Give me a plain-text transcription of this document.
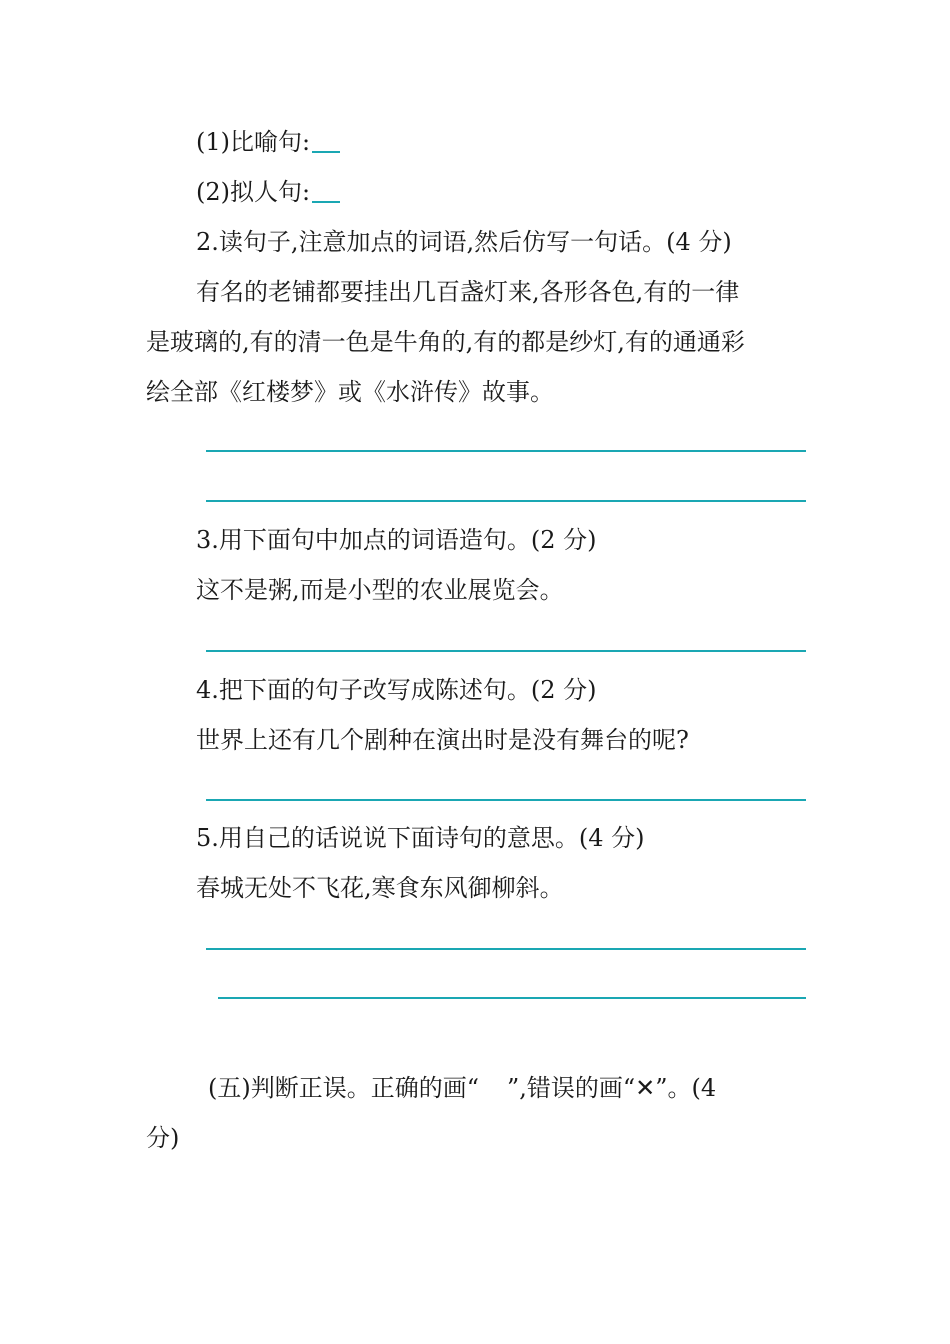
(1)比喻句:
(2)拟人句:
2.读句子,注意加点的词语,然后仿写一句话。(4 分)
有名的老铺都要挂出几百盏灯来,各形各色,有的一律
是玻璃的,有的清一色是牛角的,有的都是纱灯,有的通通彩
绘全部《红楼梦》或《水浒传》故事。
3.用下面句中加点的词语造句。(2 分)
这不是粥,而是小型的农业展览会。
4.把下面的句子改写成陈述句。(2 分)
世界上还有几个剧种在演出时是没有舞台的呢?
5.用自己的话说说下面诗句的意思。(4 分)
春城无处不飞花,寒食东风御柳斜。
(五)判断正误。正确的画“ ”,错误的画“✕”。(4
分)
